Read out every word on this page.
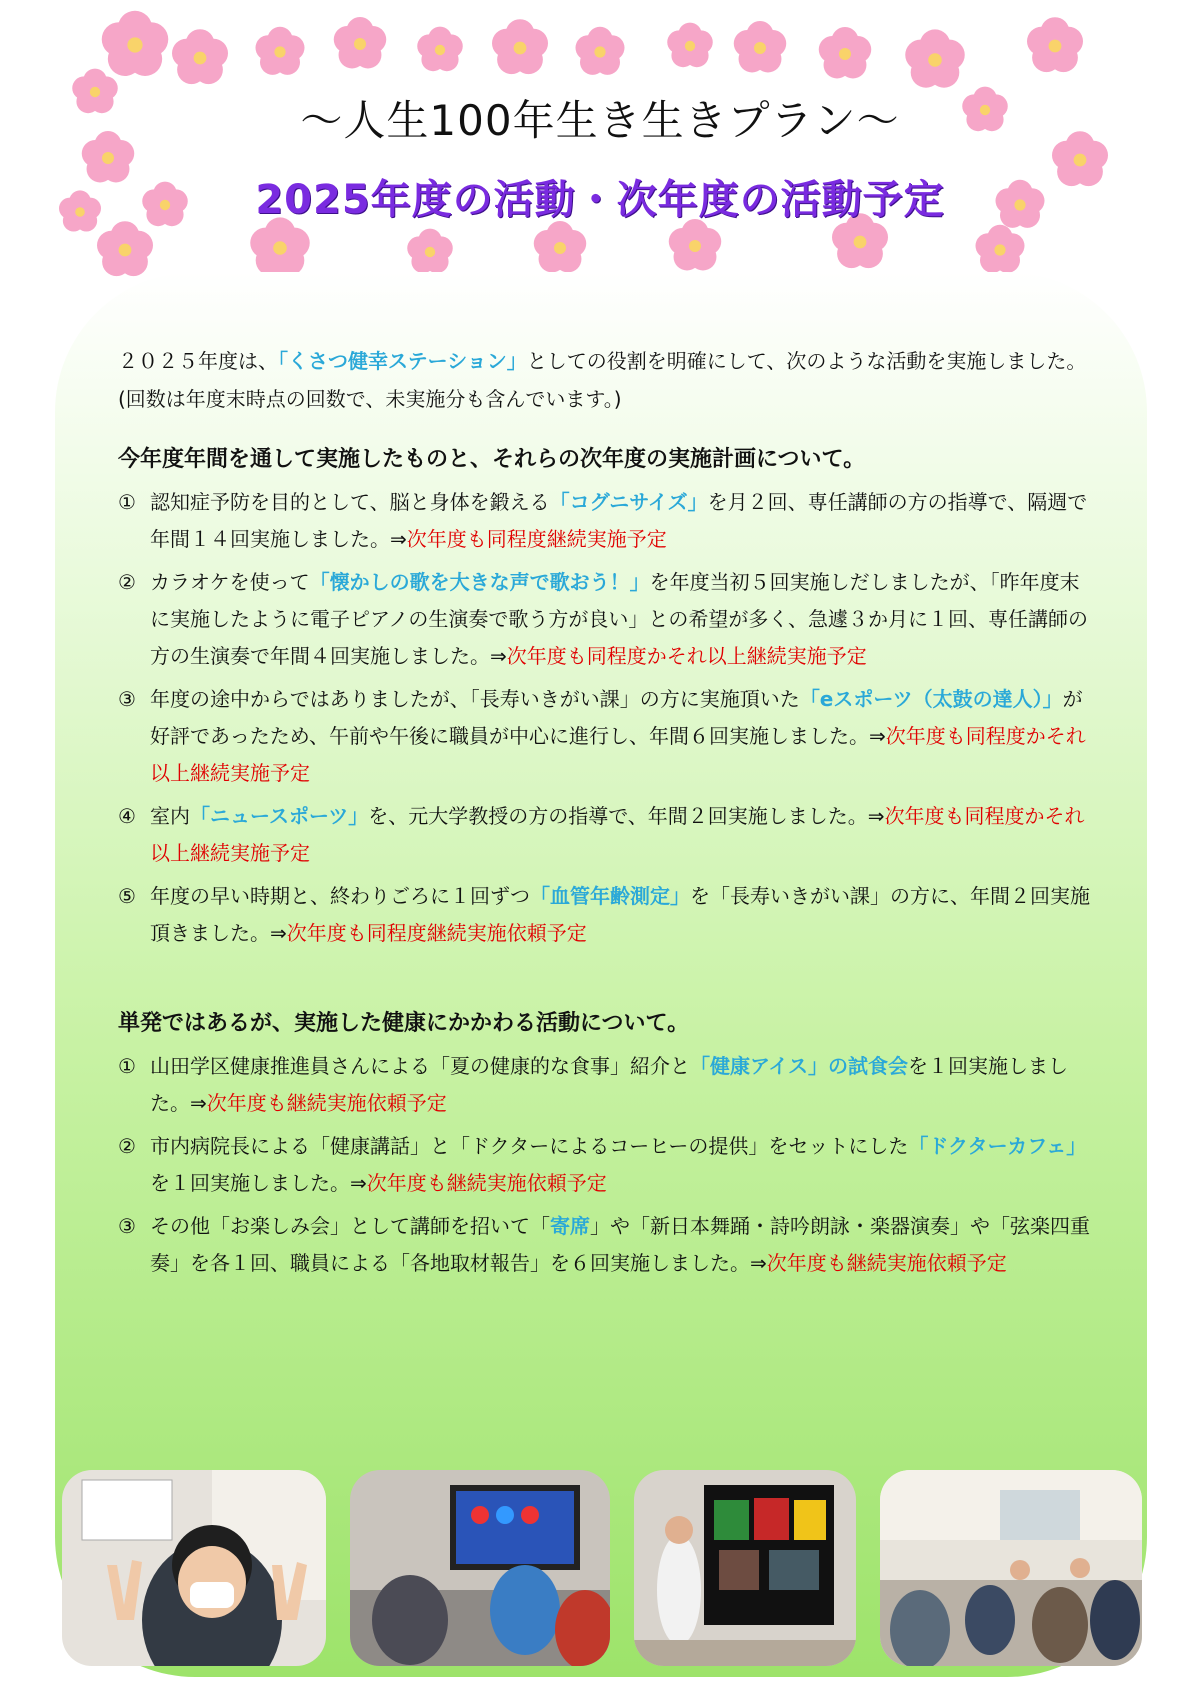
～人生100年生き生きプラン～
2025年度の活動・次年度の活動予定

２０２５年度は、「くさつ健幸ステーション」としての役割を明確にして、次のような活動を実施しました。(回数は年度末時点の回数で、未実施分も含んでいます。)

今年度年間を通して実施したものと、それらの次年度の実施計画について。
① 認知症予防を目的として、脳と身体を鍛える「コグニサイズ」を月２回、専任講師の方の指導で、隔週で年間１４回実施しました。⇒次年度も同程度継続実施予定
② カラオケを使って「懐かしの歌を大きな声で歌おう！」を年度当初５回実施しだしましたが、「昨年度末に実施したように電子ピアノの生演奏で歌う方が良い」との希望が多く、急遽３か月に１回、専任講師の方の生演奏で年間４回実施しました。⇒次年度も同程度かそれ以上継続実施予定
③ 年度の途中からではありましたが、「長寿いきがい課」の方に実施頂いた「eスポーツ（太鼓の達人）」が好評であったため、午前や午後に職員が中心に進行し、年間６回実施しました。⇒次年度も同程度かそれ以上継続実施予定
④ 室内「ニュースポーツ」を、元大学教授の方の指導で、年間２回実施しました。⇒次年度も同程度かそれ以上継続実施予定
⑤ 年度の早い時期と、終わりごろに１回ずつ「血管年齢測定」を「長寿いきがい課」の方に、年間２回実施頂きました。⇒次年度も同程度継続実施依頼予定
単発ではあるが、実施した健康にかかわる活動について。
① 山田学区健康推進員さんによる「夏の健康的な食事」紹介と「健康アイス」の試食会を１回実施しました。⇒次年度も継続実施依頼予定
② 市内病院長による「健康講話」と「ドクターによるコーヒーの提供」をセットにした「ドクターカフェ」を１回実施しました。⇒次年度も継続実施依頼予定
③ その他「お楽しみ会」として講師を招いて「寄席」や「新日本舞踊・詩吟朗詠・楽器演奏」や「弦楽四重奏」を各１回、職員による「各地取材報告」を６回実施しました。⇒次年度も継続実施依頼予定
